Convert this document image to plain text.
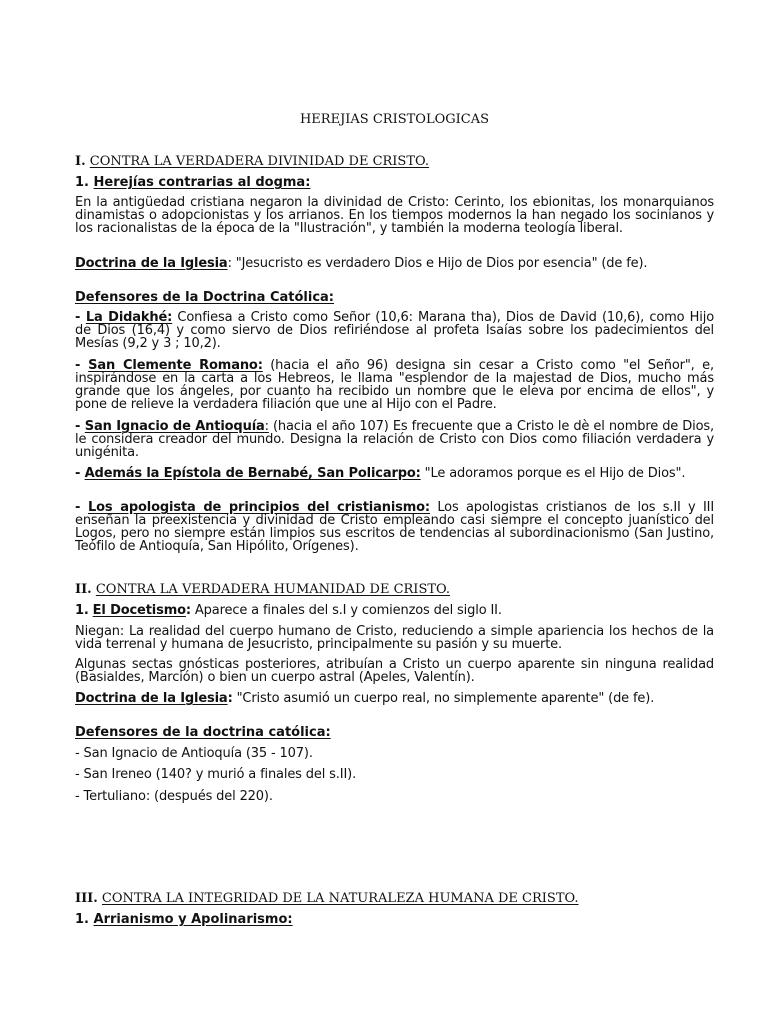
HEREJIAS CRISTOLOGICAS
I. CONTRA LA VERDADERA DIVINIDAD DE CRISTO.
1. Herejías contrarias al dogma:

En la antigüedad cristiana negaron la divinidad de Cristo: Cerinto, los ebionitas, los monarquianos dinamistas o adopcionistas y los arrianos. En los tiempos modernos la han negado los socinianos y los racionalistas de la época de la "Ilustración", y también la moderna teología liberal.

Doctrina de la Iglesia: "Jesucristo es verdadero Dios e Hijo de Dios por esencia" (de fe).

Defensores de la Doctrina Católica:

- La Didakhé: Confiesa a Cristo como Señor (10,6: Marana tha), Dios de David (10,6), como Hijo de Dios (16,4) y como siervo de Dios refiriéndose al profeta Isaías sobre los padecimientos del Mesías (9,2 y 3 ; 10,2).

- San Clemente Romano: (hacia el año 96) designa sin cesar a Cristo como "el Señor", e, inspirándose en la carta a los Hebreos, le llama "esplendor de la majestad de Dios, mucho más grande que los ángeles, por cuanto ha recibido un nombre que le eleva por encima de ellos", y pone de relieve la verdadera filiación que une al Hijo con el Padre.

- San Ignacio de Antioquía: (hacia el año 107) Es frecuente que a Cristo le dè el nombre de Dios, le considera creador del mundo. Designa la relación de Cristo con Dios como filiación verdadera y unigénita.

- Además la Epístola de Bernabé, San Policarpo: "Le adoramos porque es el Hijo de Dios".

- Los apologista de principios del cristianismo: Los apologistas cristianos de los s.II y III enseñan la preexistencia y divinidad de Cristo empleando casi siempre el concepto juanístico del Logos, pero no siempre están limpios sus escritos de tendencias al subordinacionismo (San Justino, Teófilo de Antioquía, San Hipólito, Orígenes).

II. CONTRA LA VERDADERA HUMANIDAD DE CRISTO.
1. El Docetismo: Aparece a finales del s.I y comienzos del siglo II.

Niegan: La realidad del cuerpo humano de Cristo, reduciendo a simple apariencia los hechos de la vida terrenal y humana de Jesucristo, principalmente su pasión y su muerte.

Algunas sectas gnósticas posteriores, atribuían a Cristo un cuerpo aparente sin ninguna realidad (Basialdes, Marción) o bien un cuerpo astral (Apeles, Valentín).

Doctrina de la Iglesia: "Cristo asumió un cuerpo real, no simplemente aparente" (de fe).

Defensores de la doctrina católica:

- San Ignacio de Antioquía (35 - 107).

- San Ireneo (140? y murió a finales del s.II).

- Tertuliano: (después del 220).

III. CONTRA LA INTEGRIDAD DE LA NATURALEZA HUMANA DE CRISTO.
1. Arrianismo y Apolinarismo:
